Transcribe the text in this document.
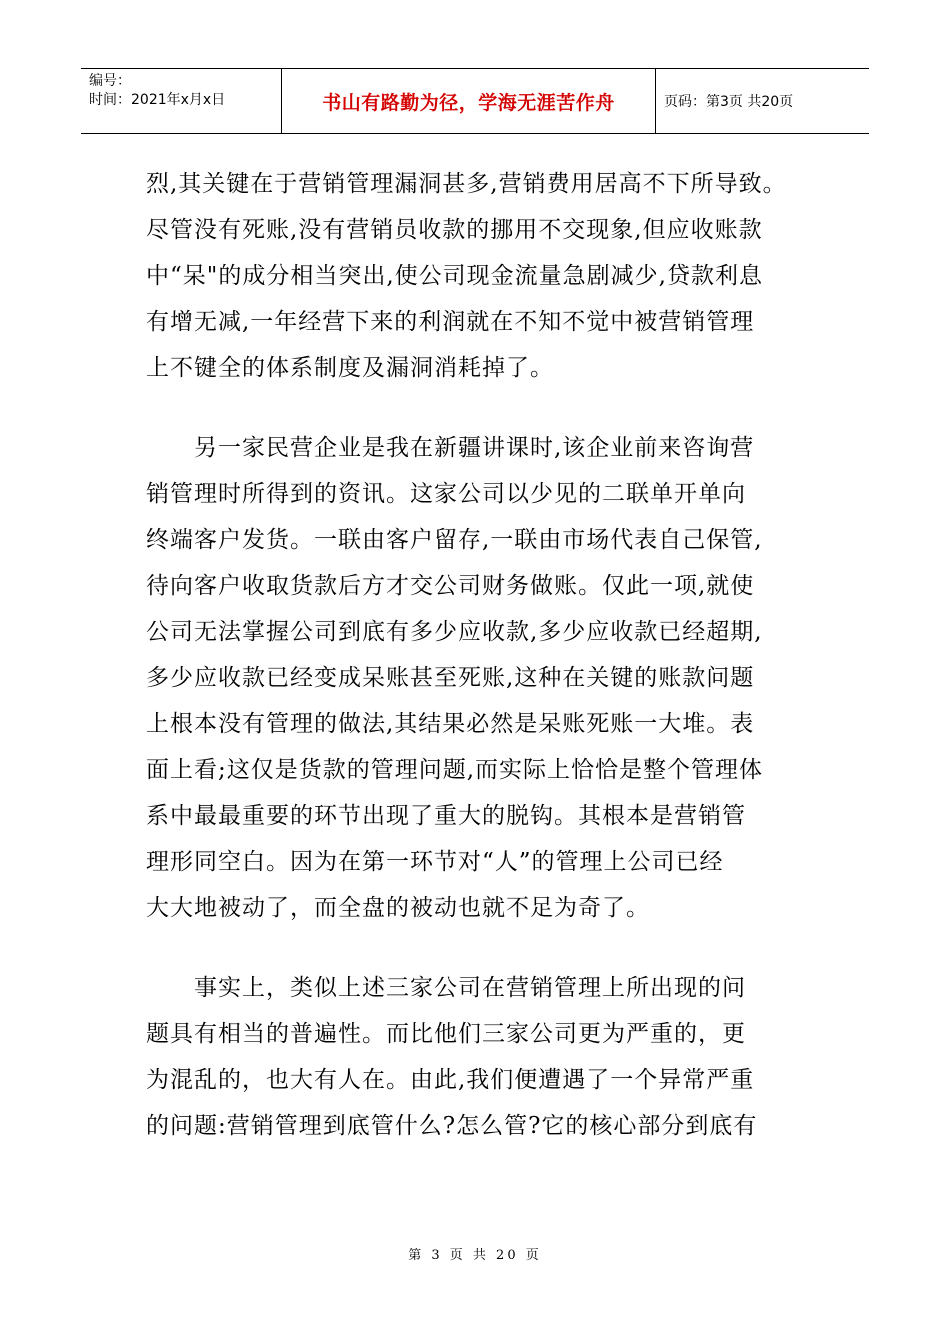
编号：
时间：2021年x月x日	书山有路勤为径，学海无涯苦作舟	页码：第3页 共20页
烈,其关键在于营销管理漏洞甚多,营销费用居高不下所导致。
尽管没有死账,没有营销员收款的挪用不交现象,但应收账款
中“呆"的成分相当突出,使公司现金流量急剧减少,贷款利息
有增无减,一年经营下来的利润就在不知不觉中被营销管理
上不键全的体系制度及漏洞消耗掉了。
另一家民营企业是我在新疆讲课时,该企业前来咨询营
销管理时所得到的资讯。这家公司以少见的二联单开单向
终端客户发货。一联由客户留存,一联由市场代表自己保管,
待向客户收取货款后方才交公司财务做账。仅此一项,就使
公司无法掌握公司到底有多少应收款,多少应收款已经超期,
多少应收款已经变成呆账甚至死账,这种在关键的账款问题
上根本没有管理的做法,其结果必然是呆账死账一大堆。表
面上看;这仅是货款的管理问题,而实际上恰恰是整个管理体
系中最最重要的环节出现了重大的脱钩。其根本是营销管
理形同空白。因为在第一环节对“人”的管理上公司已经
大大地被动了，而全盘的被动也就不足为奇了。
事实上，类似上述三家公司在营销管理上所出现的问
题具有相当的普遍性。而比他们三家公司更为严重的，更
为混乱的，也大有人在。由此,我们便遭遇了一个异常严重
的问题:营销管理到底管什么?怎么管?它的核心部分到底有
第 3 页 共 20 页
